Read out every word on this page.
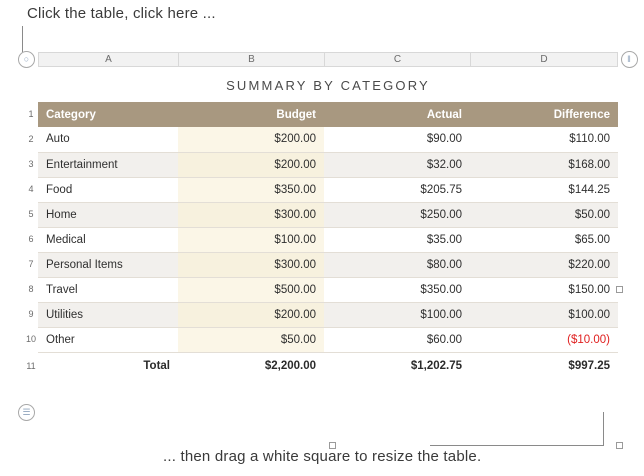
Click the table, click here ...
A	B	C	D
○	‖
☰
1
2
3
4
5
6
7
8
9
10
11
SUMMARY BY CATEGORY
Category	Budget	Actual	Difference
Auto	$200.00	$90.00	$110.00
Entertainment	$200.00	$32.00	$168.00
Food	$350.00	$205.75	$144.25
Home	$300.00	$250.00	$50.00
Medical	$100.00	$35.00	$65.00
Personal Items	$300.00	$80.00	$220.00
Travel	$500.00	$350.00	$150.00
Utilities	$200.00	$100.00	$100.00
Other	$50.00	$60.00	($10.00)
Total	$2,200.00	$1,202.75	$997.25
... then drag a white square to resize the table.
